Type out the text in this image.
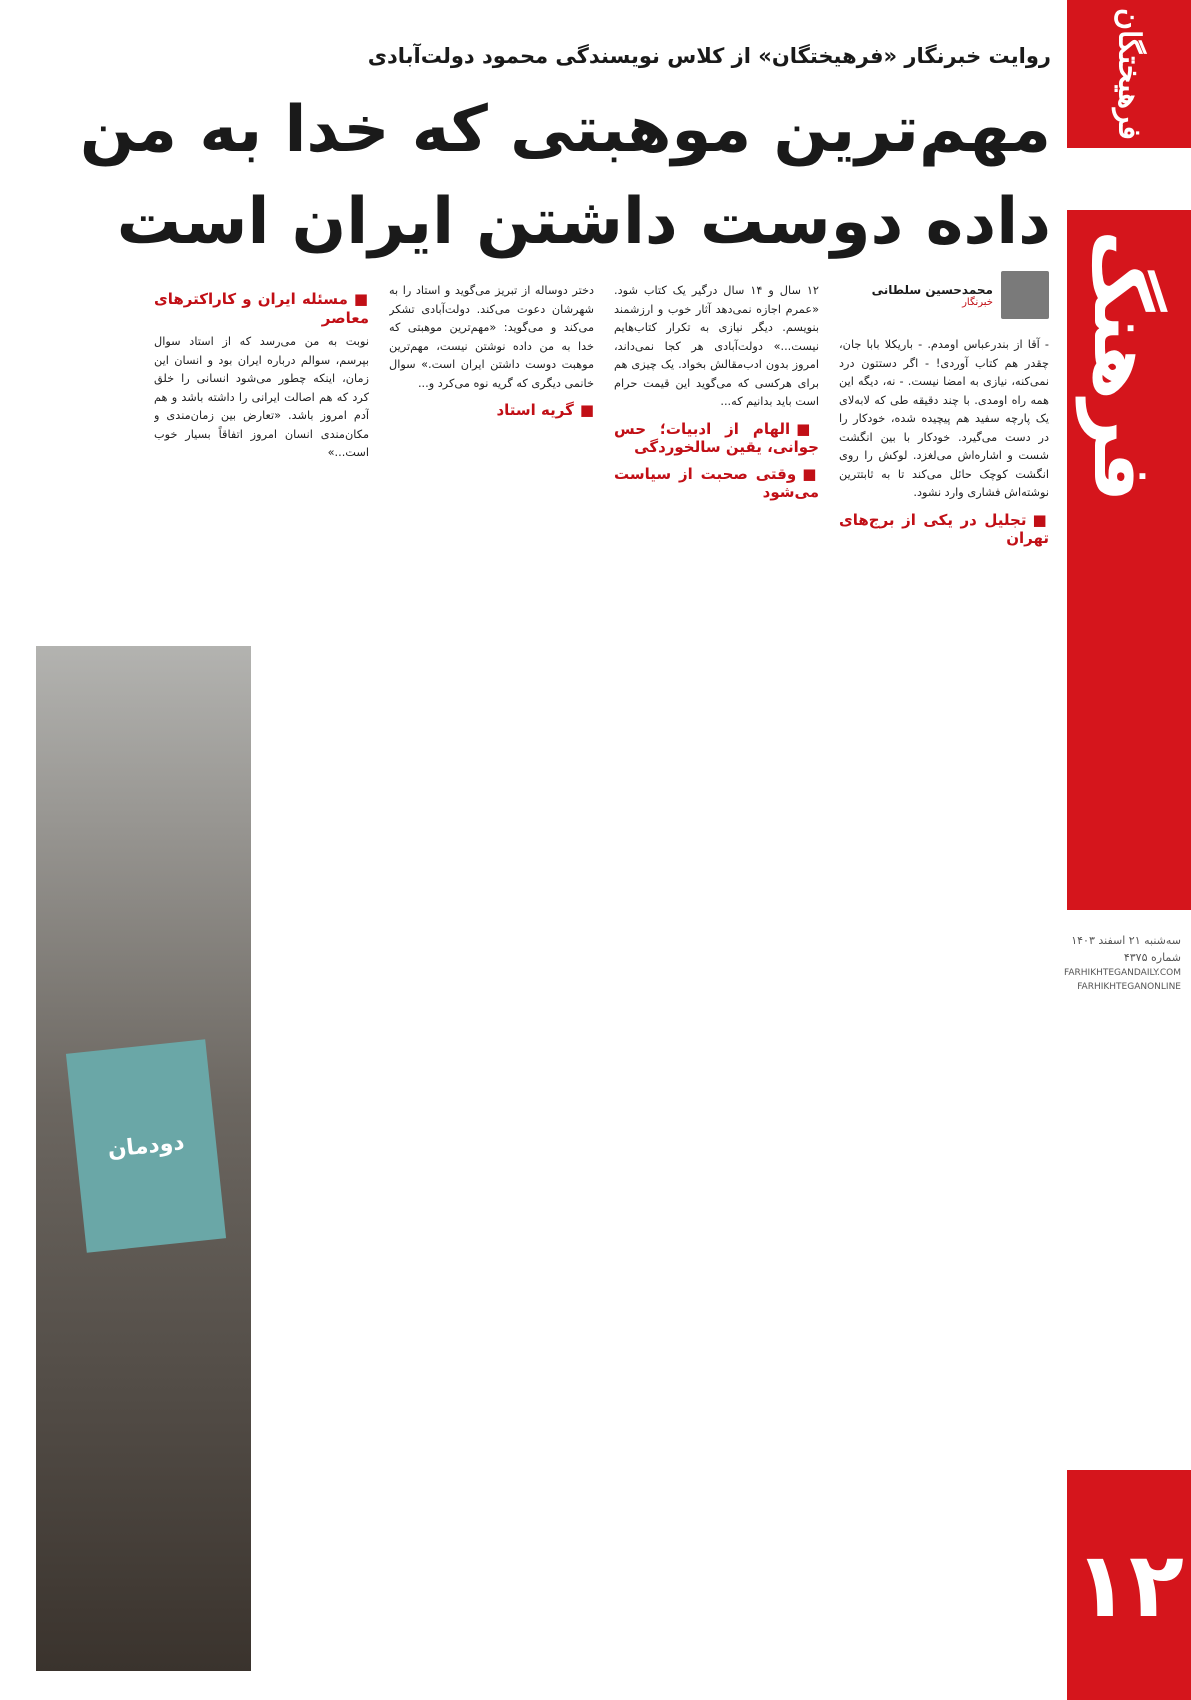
فرهیختگان
فرهنگ
۱۲
سه‌شنبه ۲۱ اسفند ۱۴۰۳
شماره ۴۳۷۵
FARHIKHTEGANDAILY.COM
FARHIKHTEGANONLINE
روایت خبرنگار «فرهیختگان» از کلاس نویسندگی محمود دولت‌آبادی
مهم‌ترین موهبتی که خدا به من داده دوست داشتن ایران است
محمدحسین سلطانی
خبرنگار

- آقا از بندرعباس اومدم. - باریکلا بابا جان، چقدر هم کتاب آوردی! - اگر دستتون درد نمی‌کنه، نیازی به امضا نیست. - نه، دیگه این همه راه اومدی. با چند دقیقه طی که لابه‌لای یک پارچه سفید هم پیچیده شده، خودکار را در دست می‌گیرد. خودکار با بین انگشت شست و اشاره‌اش می‌لغزد. لوکش را روی انگشت کوچک حائل می‌کند تا به ثابتترین نوشته‌اش فشاری وارد نشود.

■ تجلیل در یکی از برج‌های تهران

۱۲ سال و ۱۴ سال درگیر یک کتاب شود. «عمرم اجازه نمی‌دهد آثار خوب و ارزشمند بنویسم. دیگر نیازی به تکرار کتاب‌هایم نیست...» دولت‌آبادی هر کجا نمی‌داند، امروز بدون ادب‌مقالش بخواد. یک چیزی هم برای هرکسی که می‌گوید این قیمت حرام است باید بدانیم که...

■ الهام از ادبیات؛ حس جوانی، یقین سالخوردگی
■ وقتی صحبت از سیاست می‌شود

دختر دوساله از تبریز می‌گوید و استاد را به شهرشان دعوت می‌کند. دولت‌آبادی تشکر می‌کند و می‌گوید: «مهم‌ترین موهبتی که خدا به من داده نوشتن نیست، مهم‌ترین موهبت دوست داشتن ایران است.» سوال خانمی دیگری که گریه نوه می‌کرد و...

■ گریه استاد
■ مسئله ایران و کاراکترهای معاصر

نوبت به من می‌رسد که از استاد سوال بپرسم، سوالم درباره ایران بود و انسان این زمان، اینکه چطور می‌شود انسانی را خلق کرد که هم اصالت ایرانی را داشته باشد و هم آدم امروز باشد. «تعارض بین زمان‌مندی و مکان‌مندی انسان امروز اتفاقاً بسیار خوب است...»

دودمان
